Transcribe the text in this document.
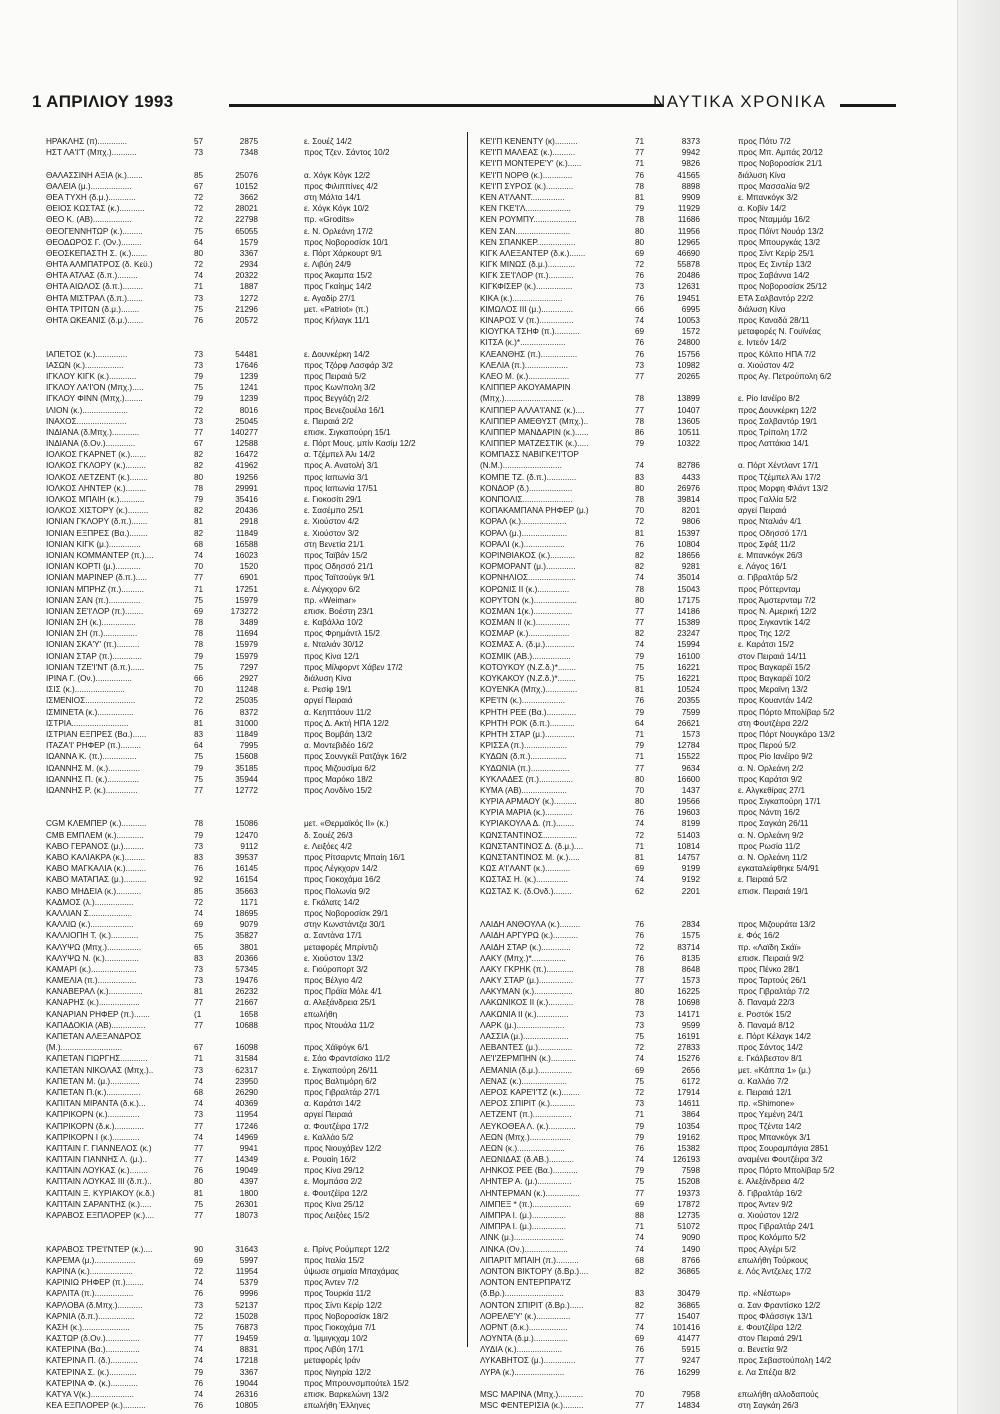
1 ΑΠΡΙΛΙΟΥ 1993	ΝΑΥΤΙΚΑ ΧΡΟΝΙΚΑ
ΗΡΑΚΛΗΣ (π).............	57	2875	ε. Σουέζ 14/2
ΗΣΤ ΛΑ'Ι'Τ (Μπχ.)...........	73	7348	προς Τζεν. Σάντος 10/2
ΘΑΛΑΣΣΙΝΗ ΑΞΙΑ (κ.).......	85	25076	α. Χόγκ Κόγκ 12/2
ΘΑΛΕΙΑ (μ.)..................	67	10152	προς Φιλιππίνες 4/2
ΘΕΑ ΤΥΧΗ (δ.μ.)............	72	3662	στη Μάλτα 14/1
ΘΕΙΟΣ ΚΩΣΤΑΣ (κ.)...........	72	28021	ε. Χόγκ Κόγκ 10/2
ΘΕΟ Κ. (ΑΒ).................	72	22798	πρ. «Grodits»
ΘΕΟΓΕΝΝΗΤΩΡ (κ.).........	75	65055	ε. Ν. Ορλεάνη 17/2
ΘΕΟΔΩΡΟΣ Γ. (Ον.).........	64	1579	προς Νοβοροσίσκ 10/1
ΘΕΟΣΚΕΠΑΣΤΗ Σ. (κ.).......	80	3367	ε. Πόρτ Χάρκουρτ 9/1
ΘΗΤΑ ΑΛΜΠΑΤΡΟΣ (δ. Κεϋ.)	72	2934	ε. Λιβύη 24/9
ΘΗΤΑ ΑΤΛΑΣ (δ.π.).........	74	20322	προς Άκαμπα 15/2
ΘΗΤΑ ΑΙΩΛΟΣ (δ.π.).........	71	1887	προς Γκαίημς 14/2
ΘΗΤΑ ΜΙΣΤΡΑΛ (δ.π.).......	73	1272	ε. Αγαδίρ 27/1
ΘΗΤΑ ΤΡΙΤΩΝ (δ.μ.)........	75	21296	μετ. «Patriot» (π.)
ΘΗΤΑ ΩΚΕΑΝΙΣ (δ.μ.).......	76	20572	προς Κήλαγκ 11/1
ΙΑΠΕΤΟΣ (κ.)..............	73	54481	ε. Δουνκέρκη 14/2
ΙΑΣΩΝ (κ.).................	73	17646	προς Τζόρφ Λασφάρ 3/2
ΙΓΚΛΟΥ ΚΙΓΚ (κ.)............	79	1239	προς Πειραιά 5/2
ΙΓΚΛΟΥ ΛΑ'Ι'ΟΝ (Μπχ.).....	75	1241	προς Κων/πολη 3/2
ΙΓΚΛΟΥ ΦΙΝΝ (Μπχ.)........	79	1239	προς Βεγγάζη 2/2
ΙΛΙΟΝ (κ.)....................	72	8016	προς Βενεζουέλα 16/1
ΙΝΑΧΟΣ......................	73	25045	ε. Πειραιά 2/2
ΙΝΔΙΑΝΑ (δ.Μπχ.)............	77	140277	επισκ. Σιγκαπούρη 15/1
ΙΝΔΙΑΝΑ (δ.Ον.).............	67	12588	ε. Πόρτ Μους. μπίν Κασίμ 12/2
ΙΟΛΚΟΣ ΓΚΑΡΝΕΤ (κ.).......	82	16472	α. Τζέμπελ Άλι 14/2
ΙΟΛΚΟΣ ΓΚΛΟΡΥ (κ.).........	82	41962	προς Α. Ανατολή 3/1
ΙΟΛΚΟΣ ΛΕΤΖΕΝΤ (κ.)........	80	19256	προς Ιαπωνία 3/1
ΙΟΛΚΟΣ ΛΗΝΤΕΡ (κ.).........	78	29991	προς Ιαπωνία 17/51
ΙΟΛΚΟΣ ΜΠΑΙΗ (κ.)...........	79	35416	ε. Γιοκοσίτι 29/1
ΙΟΛΚΟΣ ΧΙΣΤΟΡΥ (κ.).........	82	20436	ε. Σασέμπο 25/1
ΙΟΝΙΑΝ ΓΚΛΟΡΥ (δ.π.).......	81	2918	ε. Χιούστον 4/2
ΙΟΝΙΑΝ ΕΞΠΡΕΣ (Βα.)........	82	11849	ε. Χιούστον 3/2
ΙΟΝΙΑΝ ΚΙΓΚ (μ.)..............	68	16588	στη Βενετία 21/1
ΙΟΝΙΑΝ ΚΟΜΜΑΝΤΕΡ (π.)....	74	16023	προς Ταϊβάν 15/2
ΙΟΝΙΑΝ ΚΟΡΤΙ (μ.)...........	70	1520	προς Οδησσό 21/1
ΙΟΝΙΑΝ ΜΑΡΙΝΕΡ (δ.π.).....	77	6901	προς Ταϊτσούγκ 9/1
ΙΟΝΙΑΝ ΜΠΡΗΖ (π.)..........	71	17251	ε. Λέγκχορν 6/2
ΙΟΝΙΑΝ ΣΑΝ (π.)..............	75	15979	πρ. «Weimar»
ΙΟΝΙΑΝ ΣΕ'Ι'ΛΟΡ (π.)........	69	173272	επισκ. Βοέστη 23/1
ΙΟΝΙΑΝ ΣΗ (κ.)...............	78	3489	ε. Καβάλλα 10/2
ΙΟΝΙΑΝ ΣΗ (π.)...............	78	11694	προς Φρημάντλ 15/2
ΙΟΝΙΑΝ ΣΚΑ'Υ' (π.)..........	78	15979	ε. Νταλιάν 30/12
ΙΟΝΙΑΝ ΣΤΑΡ (π.).............	79	15979	προς Κίνα 12/1
ΙΟΝΙΑΝ ΤΖΕ'Ι'ΝΤ (δ.π.)......	75	7297	προς Μίλφορντ Χάβεν 17/2
ΙΡΙΝΑ Γ. (Ον.)................	66	2927	διάλυση Κίνα
ΙΣΙΣ (κ.)......................	70	11248	ε. Ρεσίφ 19/1
ΙΣΜΕΝΙΟΣ......................	72	25035	αργεί Πειραιά
ΙΣΜΙΝΕΤΑ (κ.)................	76	8372	α. Κεηπτάουν 11/2
ΙΣΤΡΙΑ.........................	81	31000	προς Δ. Ακτή ΗΠΑ 12/2
ΙΣΤΡΙΑΝ ΕΞΠΡΕΣ (Βα.)......	83	11849	προς Βομβάη 13/2
ΙΤΑΖΑ'Ι' ΡΗΦΕΡ (π.).........	64	7995	α. Μοντεβιδέο 16/2
ΙΩΑΝΝΑ Κ. (π.)...............	75	15608	προς Σουνγκέϊ Ρατζάγκ 16/2
ΙΩΑΝΝΗΣ Μ. (κ.)..............	79	35185	προς Μιζουσίμα 6/2
ΙΩΑΝΝΗΣ Π. (κ.)..............	75	35944	προς Μαρόκο 18/2
ΙΩΑΝΝΗΣ Ρ. (κ.)..............	77	12772	προς Λονδίνο 15/2
CGM ΚΛΕΜΠΕΡ (κ.)...........	78	15086	μετ. «Θερμαϊκός ΙΙ» (κ.)
CMB ΕΜΠΛΕΜ (κ.)............	79	12470	δ. Σουέζ 26/3
ΚΑΒΟ ΓΕΡΑΝΟΣ (μ.).........	73	9112	ε. Λειξόες 4/2
ΚΑΒΟ ΚΑΛΙΑΚΡΑ (κ.).........	83	39537	προς Ρίτσαρντς Μπαίη 16/1
ΚΑΒΟ ΜΑΓΚΑΛΙΑ (κ.).........	76	16145	προς Λέγκχορν 14/2
ΚΑΒΟ ΜΑΤΑΠΑΣ (μ.)..........	92	16154	προς Γιοκοχάμα 16/2
ΚΑΒΟ ΜΗΔΕΙΑ (κ.)...........	85	35663	προς Πολωνία 9/2
ΚΑΔΜΟΣ (λ.).................	72	1171	ε. Γκάλατς 14/2
ΚΑΛΛΙΑΝ Σ...................	74	18695	προς Νοβοροσίσκ 29/1
ΚΑΛΛΙΩ (κ.)...................	69	9079	στην Κωνστάντζα 30/1
ΚΑΛΛΙΟΠΗ Τ. (κ.)............	75	35827	α. Σαντάνα 17/1
ΚΑΛΥΨΩ (Μπχ.)...............	65	3801	μεταφορές Μπρίντιζι
ΚΑΛΥΨΩ Ν. (κ.)...............	83	20366	ε. Χιούστον 13/2
ΚΑΜΑΡΙ (κ.)....................	73	57345	ε. Γιούροπορτ 3/2
ΚΑΜΕΛΙΑ (π.).................	73	19476	προς Βέλγιο 4/2
ΚΑΝΑΒΕΡΑΛ (κ.)...............	81	26232	προς Πράϊα Μόλε 4/1
ΚΑΝΑΡΗΣ (κ.)..................	77	21667	α. Αλεξάνδρεια 25/1
ΚΑΝΑΡΙΑΝ ΡΗΦΕΡ (π.).......	(1	1658	επωλήθη
ΚΑΠΑΔΟΚΙΑ (ΑΒ)...............	77	10688	προς Ντουάλα 11/2
ΚΑΠΕΤΑΝ ΑΛΕΞΑΝΔΡΟΣ
(Μ.)...........................	67	16098	προς Χάϊφόγκ 6/1
ΚΑΠΕΤΑΝ ΓΙΩΡΓΗΣ............	71	31584	ε. Σάο Φραντσίσκο 11/2
ΚΑΠΕΤΑΝ ΝΙΚΟΛΑΣ (Μπχ.)..	73	62317	ε. Σιγκαπούρη 26/11
ΚΑΠΕΤΑΝ Μ. (μ.).............	74	23950	προς Βαλτιμόρη 6/2
ΚΑΠΕΤΑΝ Π.(κ.)...............	68	26290	προς Γιβραλτάρ 27/1
ΚΑΠΙΤΑΝ ΜΙΡΑΝΤΑ (δ.κ.)...	74	40369	α. Καράτσι 14/2
ΚΑΠΡΙΚΟΡΝ (κ.)..............	73	11954	αργεί Πειραιά
ΚΑΠΡΙΚΟΡΝ (δ.κ.).............	77	17246	α. Φουτζέιρα 17/2
ΚΑΠΡΙΚΟΡΝ Ι (κ.)............	74	14969	ε. Καλλάο 5/2
ΚΑΠΤΑΙΝ Γ. ΓΙΑΝΝΕΛΟΣ (κ.)	77	9941	προς Νιουχάβεν 12/2
ΚΑΠΤΑΙΝ ΓΙΑΝΝΗΣ Λ. (μ.)..	77	14349	ε. Ρουαίη 16/2
ΚΑΠΤΑΙΝ ΛΟΥΚΑΣ (κ.)........	76	19049	προς Κίνα 29/12
ΚΑΠΤΑΙΝ ΛΟΥΚΑΣ ΙΙΙ (δ.π.)..	80	4397	ε. Μομπάσα 2/2
ΚΑΠΤΑΙΝ Ξ. ΚΥΡΙΑΚΟΥ (κ.δ.)	81	1800	ε. Φουτζέϊρα 12/2
ΚΑΠΤΑΙΝ ΣΑΡΑΝΤΗΣ (κ.).....	75	26301	προς Κίνα 25/12
ΚΑΡΑΒΟΣ ΕΞΠΛΟΡΕΡ (κ.)....	77	18073	προς Λειξόες 15/2
ΚΑΡΑΒΟΣ ΤΡΕ'Ι'ΝΤΕΡ (κ.)....	90	31643	ε. Πρίνς Ρούμπερτ 12/2
ΚΑΡΕΜΑ (μ.)..................	69	5997	προς Ιταλία 15/2
ΚΑΡΙΝΑ (κ.)...................	72	11954	ύψωσε σημαία Μπαχάμας
ΚΑΡΙΝΙΩ ΡΗΦΕΡ (π.)........	74	5379	προς Άντεν 7/2
ΚΑΡΛΙΤΑ (π.).................	76	9996	προς Τουρκία 11/2
ΚΑΡΛΟΒΑ (δ.Μπχ.)...........	73	52137	προς Σίντι Κερίρ 12/2
ΚΑΡΝΙΑ (δ.π.)................	72	15028	προς Νοβοροσίσκ 18/2
ΚΑΣΗ (κ.).....................	75	76873	προς Γιοκοχάμα 7/1
ΚΑΣΤΩΡ (δ.Ον.)...............	77	19459	α. Ίμμιγκχαμ 10/2
ΚΑΤΕΡΙΝΑ (Βα.)...............	74	8831	προς Λιβύη 17/1
ΚΑΤΕΡΙΝΑ Π. (δ.)............	74	17218	μεταφορές Ιράν
ΚΑΤΕΡΙΝΑ Σ. (κ.)............	79	3367	προς Νιγηρία 12/2
ΚΑΤΕΡΙΝΑ Φ. (κ.)............	76	19044	προς Μπρουνσμπούτελ 15/2
ΚΑΤΥΑ V(κ.)...................	74	26316	επισκ. Βαρκελώνη 13/2
ΚΕΑ ΕΞΠΛΟΡΕΡ (κ.)..........	76	10805	επωλήθη Έλληνες
ΚΕ'Ι'Π ΚΕΝΕΝΤΥ (κ)..........	71	8373	προς Πότυ 7/2
ΚΕ'Ι'Π ΜΑΛΕΑΣ (κ.)..........	77	9942	προς Μπ. Αμπάς 20/12
ΚΕ'Ι'Π ΜΟΝΤΕΡΕ'Υ' (κ.)......	71	9826	προς Νοβοροσίσκ 21/1
ΚΕ'Ι'Π ΝΟΡΘ (κ.).............	76	41565	διάλυση Κίνα
ΚΕ'Ι'Π ΣΥΡΟΣ (κ.)............	78	8898	προς Μασσαλία 9/2
ΚΕΝ Α'Ι'ΛΑΝΤ...............	81	9909	ε. Μπανκόγκ 3/2
ΚΕΝ ΓΚΕ'Ι'Λ....................	79	11929	α. Κοβίν 14/2
ΚΕΝ ΡΟΥΜΠΥ...................	78	11686	προς Νταμμάμ 16/2
ΚΕΝ ΣΑΝ........................	80	11956	προς Πόϊντ Νουάρ 13/2
ΚΕΝ ΣΠΑΝΚΕΡ.................	80	12965	προς Μπουργκάς 13/2
ΚΙΓΚ ΑΛΕΞΑΝΤΕΡ (δ.κ.).......	69	46690	προς Σίντ Κερίρ 25/1
ΚΙΓΚ ΜΙΝΩΣ (δ.μ.)............	72	55878	προς Ες Σιντέρ 13/2
ΚΙΓΚ ΣΕ'Ι'ΛΟΡ (π.)...........	76	20486	προς Σαβάννα 14/2
ΚΙΓΚΦΙΣΕΡ (κ.)................	73	12631	προς Νοβοροσίσκ 25/12
ΚΙΚΑ (κ.)......................	76	19451	ΕΤΑ Σαλβαντόρ 22/2
ΚΙΜΩΛΟΣ ΙΙΙ (μ.)..............	66	6995	διάλυση Κίνα
ΚΙΝΑΡΟΣ V (π.)...............	74	10053	προς Καναδά 28/11
ΚΙΟΥΓΚΑ ΤΣΗΦ (π.)...........	69	1572	μεταφορές Ν. Γουϊνέας
ΚΙΤΣΑ (κ.)*....................	76	24800	ε. Ιντεόν 14/2
ΚΛΕΑΝΘΗΣ (π.)................	76	15756	προς Κόλπο ΗΠΑ 7/2
ΚΛΕΛΙΑ (π.)...................	73	10982	α. Χιούστον 4/2
ΚΛΕΟ Μ. (κ.)..................	77	20265	προς Αγ. Πετρούπολη 6/2
ΚΛΙΠΠΕΡ ΑΚΟΥΑΜΑΡΙΝ
(Μπχ.)..........................	78	13899	ε. Ρίο Ιανέϊρο 8/2
ΚΛΙΠΠΕΡ ΑΛΛΑ'Ι'ΑΝΣ (κ.)....	77	10407	προς Δουνκέρκη 12/2
ΚΛΙΠΠΕΡ ΑΜΕΘΥΣΤ (Μπχ.)..	78	13605	προς Σαλβαντόρ 19/1
ΚΛΙΠΠΕΡ ΜΑΝΔΑΡΙΝ (κ.)......	86	10511	προς Τρίπολη 17/2
ΚΛΙΠΠΕΡ ΜΑΤΖΕΣΤΙΚ (κ.).....	79	10322	προς Λαττάκια 14/1
ΚΟΜΠΑΣΣ ΝΑΒΙΓΚΕ'Ι'ΤΟΡ
(Ν.Μ.)..........................	74	82786	α. Πόρτ Χέντλαντ 17/1
ΚΟΜΠΕ ΤΖ. (δ.π.).............	83	4433	προς Τζέμπελ Άλι 17/2
ΚΟΝΔΟΡ (δ.)...................	80	26976	προς Μορφη Φλάντ 13/2
ΚΟΝΠΟΛΙΣ......................	78	39814	προς Γαλλία 5/2
ΚΟΠΑΚΑΜΠΑΝΑ ΡΗΦΕΡ (μ.)	70	8201	αργεί Πειραιά
ΚΟΡΑΛ (κ.)....................	72	9806	προς Νταλιάν 4/1
ΚΟΡΑΛ (μ.)....................	81	15397	προς Οδησσό 17/1
ΚΟΡΑΛΙ (κ.)..................	76	10804	προς Σφάξ 11/2
ΚΟΡΙΝΘΙΑΚΟΣ (κ.)...........	82	18656	ε. Μπανκόγκ 26/3
ΚΟΡΜΟΡΑΝΤ (μ.).............	82	9281	ε. Λάγος 16/1
ΚΟΡΝΗΛΙΟΣ.....................	74	35014	α. Γιβραλτάρ 5/2
ΚΟΡΩΝΙΣ ΙΙ (κ.)..............	78	15043	προς Ρόττερνταμ
ΚΟΡΥΤΟΝ (κ.)...................	80	17175	προς Άμστερνταμ 7/2
ΚΟΣΜΑΝ 1(κ.).................	77	14186	προς Ν. Αμερική 12/2
ΚΟΣΜΑΝ ΙΙ (κ.)...............	77	15389	προς Σιγκαντίκ 14/2
ΚΟΣΜΑΡ (κ.)..................	82	23247	προς Της 12/2
ΚΟΣΜΑΣ Α. (δ.μ.).............	74	15994	ε. Καράτσι 15/2
ΚΟΣΜΙΚ (ΑΒ.).................	79	16100	στον Πειραιά 14/11
ΚΟΤΟΥΚΟΥ (Ν.Ζ.δ.)*........	75	16221	προς Βαγκαρέϊ 15/2
ΚΟΥΚΑΚΟΥ (Ν.Ζ.δ.)*........	75	16221	προς Βαγκαρέϊ 10/2
ΚΟΥΕΝΚΑ (Μπχ.)..............	81	10524	προς Μεραϊνη 13/2
ΚΡΕ'Ι'Ν (κ.)...................	76	20355	προς Κουαντάν 14/2
ΚΡΗΤΗ ΡΕΕ (Βα.).............	79	7599	προς Πόρτο Μπολίβαρ 5/2
ΚΡΗΤΗ ΡΟΚ (δ.π.)...........	64	26621	στη Φουτζέιρα 22/2
ΚΡΗΤΗ ΣΤΑΡ (μ.).............	71	1573	προς Πόρτ Νουγκάρο 13/2
ΚΡΙΣΣΑ (π.)...................	79	12784	προς Περού 5/2
ΚΥΔΩΝ (δ.π.)................	71	15522	προς Ρίο Ιανέϊρο 9/2
ΚΥΔΩΝΙΑ (π.).................	77	9634	α. Ν. Ορλεάνη 2/2
ΚΥΚΛΑΔΕΣ (π.)...............	80	16600	προς Καράτσι 9/2
ΚΥΜΑ (ΑΒ)....................	70	1437	ε. Αλγκεθίρας 27/1
ΚΥΡΙΑ ΑΡΜΑΟΥ (κ.)..........	80	19566	προς Σιγκαπούρη 17/1
ΚΥΡΙΑ ΜΑΡΙΑ (κ.)............	76	19603	προς Νάντη 16/2
ΚΥΡΙΑΚΟΥΛΑ Δ. (π.)........	74	8199	προς Σαγκάη 26/11
ΚΩΝΣΤΑΝΤΙΝΟΣ...............	72	51403	α. Ν. Ορλεάνη 9/2
ΚΩΝΣΤΑΝΤΙΝΟΣ Δ. (δ.μ.)....	71	10814	προς Ρωσία 11/2
ΚΩΝΣΤΑΝΤΙΝΟΣ Μ. (κ.).....	81	14757	α. Ν. Ορλεάνη 11/2
ΚΩΣ Α'Ι'ΛΑΝΤ (κ.)...........	69	9199	εγκαταλείφθηκε 5/4/91
ΚΩΣΤΑΣ Η. (κ.)..............	74	9192	ε. Πειραιά 5/2
ΚΩΣΤΑΣ Κ. (δ.Ονδ.)........	62	2201	επισκ. Πειραιά 19/1
ΛΑΙΔΗ ΑΝΘΟΥΛΑ (κ.).........	76	2834	προς Μιζουράτα 13/2
ΛΑΙΔΗ ΑΡΓΥΡΩ (κ.)...........	76	1575	ε. Φός 16/2
ΛΑΙΔΗ ΣΤΑΡ (κ.).............	72	83714	πρ. «Λαϊδη Σκάϊ»
ΛΑΚΥ (Μπχ.)*...............	76	8135	επισκ. Πειραιά 9/2
ΛΑΚΥ ΓΚΡΗΚ (π.)............	78	8648	προς Πένκο 28/1
ΛΑΚΥ ΣΤΑΡ (μ.)...............	77	1573	προς Ταρτούς 26/1
ΛΑΚΥΜΑΝ (κ.).................	80	16225	προς Γιβραλτάρ 7/2
ΛΑΚΩΝΙΚΟΣ ΙΙ (κ.)...........	78	10698	δ. Παναμά 22/3
ΛΑΚΩΝΙΑ ΙΙ (κ.)..............	73	14171	ε. Ροστόκ 15/2
ΛΑΡΚ (μ.).....................	73	9599	δ. Παναμά 8/12
ΛΑΣΣΙΑ (μ.)....................	75	16191	ε. Πόρτ Κέλαγκ 14/2
ΛΕΒΑΝΤΕΣ (μ.)...............	72	27833	προς Σάντος 14/2
ΛΕ'Ι'ΖΕΡΜΠΗΝ (κ.)...........	74	15276	ε. Γκάλβεστον 8/1
ΛΕΜΑΝΙΑ (δ.μ.)...............	69	2656	μετ. «Κάππα 1» (μ.)
ΛΕΝΑΣ (κ.)....................	75	6172	α. Καλλάο 7/2
ΛΕΡΟΣ ΚΑΡΕ'Ι'ΤΖ (κ.)........	72	17914	ε. Πειραιά 12/1
ΛΕΡΟΣ ΣΠΙΡΙΤ (κ.)...........	73	14611	πρ. «Shimone»
ΛΕΤΖΕΝΤ (π.).................	71	3864	προς Υεμένη 24/1
ΛΕΥΚΟΘΕΑ Λ. (κ.)............	79	10354	προς Τζέντα 14/2
ΛΕΩΝ (Μπχ.)..................	79	19162	προς Μπανκόγκ 3/1
ΛΕΩΝ (κ.).....................	76	15382	προς Σουραμπάγια 2851
ΛΕΩΝΙΔΑΣ (δ.ΑΒ.)...........	74	126193	αναμένει Φουτζέιρα 3/2
ΛΗΝΚΟΣ ΡΕΕ (Βα.)...........	79	7598	προς Πόρτο Μπολίβαρ 5/2
ΛΗΝΤΕΡ Α. (μ.)...............	75	15208	ε. Αλεξάνδρεια 4/2
ΛΗΝΤΕΡΜΑΝ (κ.)...............	77	19373	δ. Γιβραλτάρ 16/2
ΛΙΜΠΕΞ * (π.).................	69	17872	προς Άντεν 9/2
ΛΙΜΠΡΑ Ι. (μ.)...............	88	12735	α. Χιούστον 12/2
ΛΙΜΠΡΑ Ι. (μ.)...............	71	51072	προς Γιβραλτάρ 24/1
ΛΙΝΚ (μ.)......................	74	9090	προς Κολόμπο 5/2
ΛΙΝΚΑ (Ον.)...................	74	1490	προς Αλγέρι 5/2
ΛΙΠΑΡΙΤ ΜΠΑΙΗ (π.)..........	68	8766	επωλήθη Τούρκους
ΛΟΝΤΟΝ ΒΙΚΤΟΡΥ (δ.Βρ.)....	82	36865	ε. Λός Άντζελες 17/2
ΛΟΝΤΟΝ ΕΝΤΕΡΠΡΑ'Ι'Ζ
(δ.Βρ.)..........................	83	30479	πρ. «Νέστωρ»
ΛΟΝΤΟΝ ΣΠΙΡΙΤ (δ.Βρ.)......	82	36865	α. Σαν Φραντίσκο 12/2
ΛΟΡΕΛΕ'Υ' (κ.)...............	77	15407	προς Φλάσσιγκ 13/1
ΛΟΡΝΤ (δ.κ.).................	74	101416	ε. Φουτζέϊρα 12/2
ΛΟΥΝΤΑ (δ.μ.)...............	69	41477	στον Πειραιά 29/1
ΛΥΔΙΑ (κ.)....................	76	5915	α. Βενετία 9/2
ΛΥΚΑΒΗΤΟΣ (μ.)..............	77	9247	προς Σεβαστούπολη 14/2
ΛΥΡΑ (κ.)......................	76	16299	ε. Λα Σπέζια 8/2
MSC ΜΑΡΙΝΑ (Μπχ.)...........	70	7958	επωλήθη αλλοδαπούς
MSC ΦΕΝΤΕΡΙΣΙΑ (κ.).........	77	14834	στη Σαγκάη 26/3
